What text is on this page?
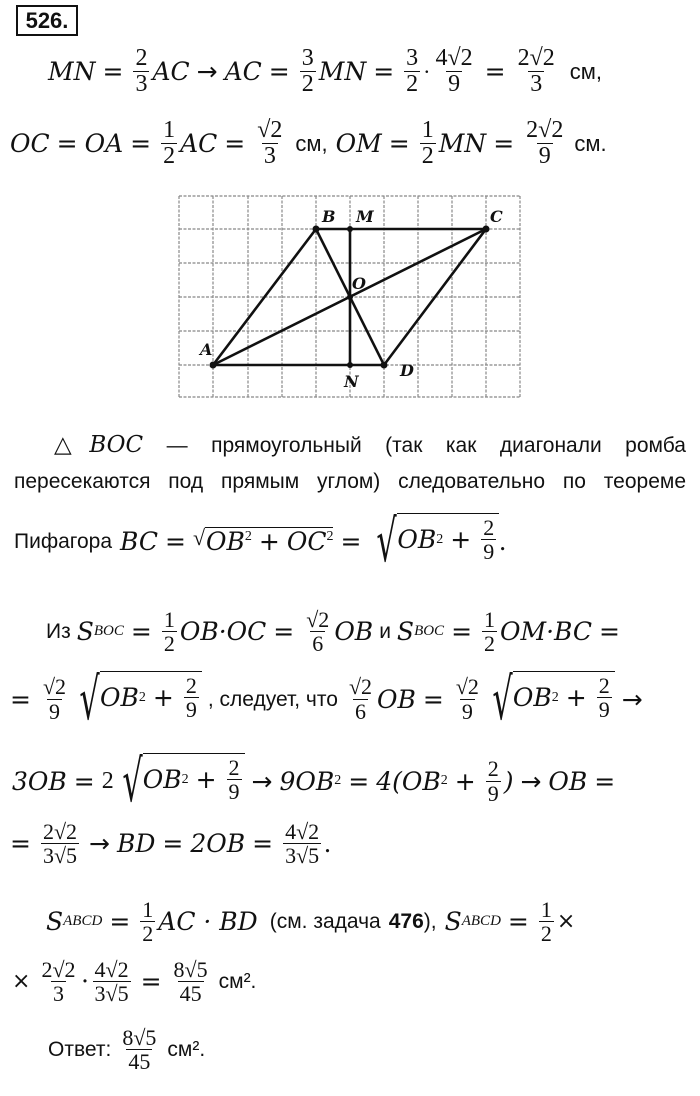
526.
MN = $\frac{2}{3}$ AC → AC = $\frac{3}{2}$ MN = $\frac{3}{2} \cdot \frac{4√2}{9} = \frac{2√2}{3}$ см,
OC = OA = $\frac{1}{2}$ AC = $\frac{√2}{3}$ см, OM = $\frac{1}{2}$ MN = $\frac{2√2}{9}$ см.
A
B M	C
O
N
D
△BOC — прямоугольный (так как диагонали ромба
пересекаются под прямым углом) следовательно по теореме
Пифагора BC = √ $OB^2 + OC^2$ = √ OB $2 + \frac{2}{9}$ .
Из S BOC = $\frac{1}{2} OB\cdot OC = \frac{√2}{6}$ OB и S BOC = $\frac{1}{2} OM\cdot BC$ =
= $\frac{√2}{9}$ √ OB $2 + \frac{2}{9}$ , следует, что $\frac{√2}{6}$ OB = $\frac{√2}{9}$ √ OB $2 + \frac{2}{9}$ →
3OB = 2 √ OB $2 + \frac{2}{9} \to 9OB$ 2 = 4(OB $2 + \frac{2}{9}$ ) → OB =
= $\frac{2√2}{3√5}$ → BD = $2OB = \frac{4√2}{3√5}$ .
S ABCD = $\frac{1}{2}$ AC · BD (см. задача 476 ), S ABCD = $\frac{1}{2}$ ×
× $\frac{2√2}{3} \cdot \frac{4√2}{3√5} = \frac{8√5}{45} см^2$.
Ответ: $\frac{8√5}{45} см^2$.
